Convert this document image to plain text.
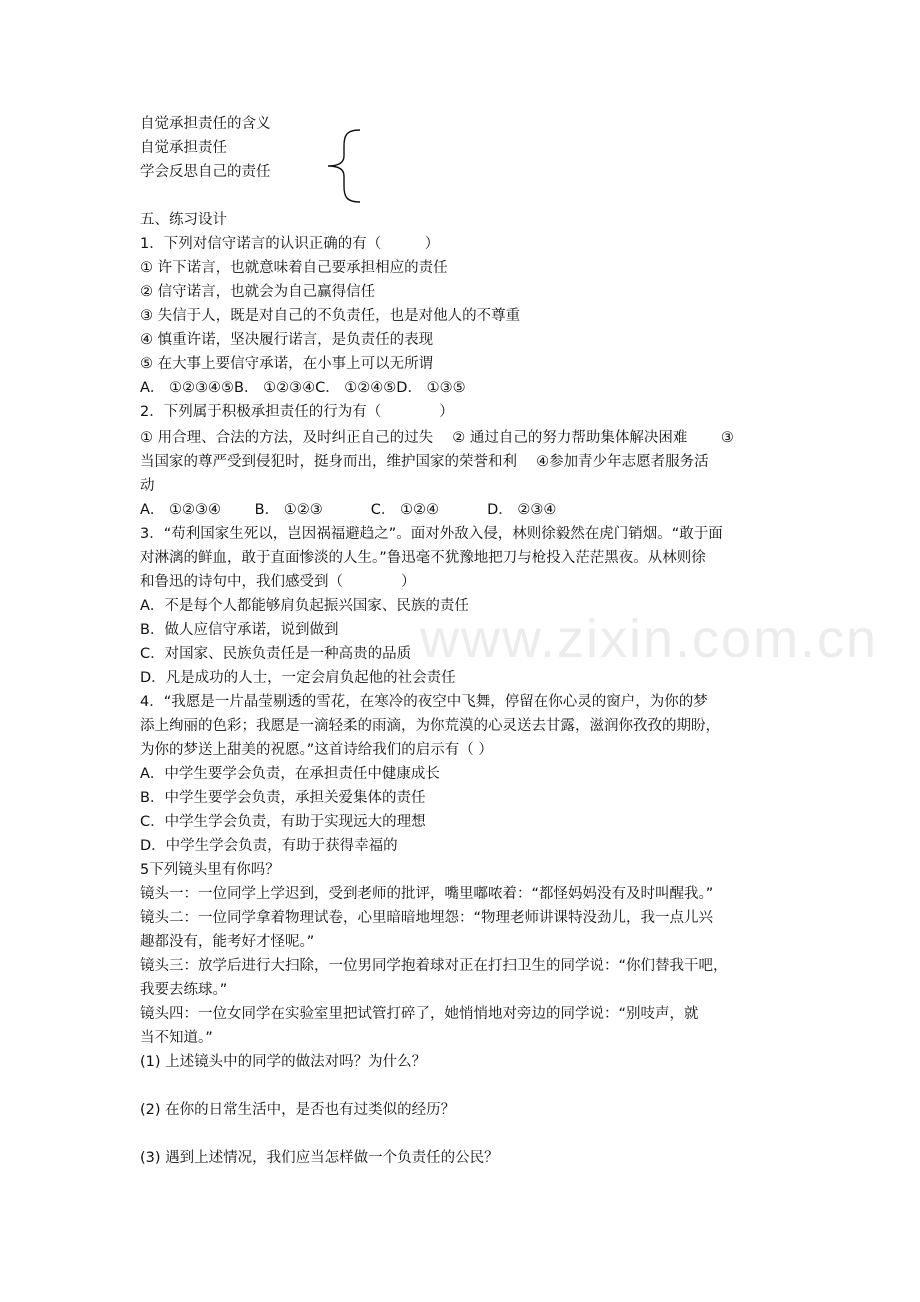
www.zixin.com.cn
自觉承担责任的含义
自觉承担责任
学会反思自己的责任
五、练习设计
1．下列对信守诺言的认识正确的有（　　　）
① 许下诺言，也就意味着自己要承担相应的责任
② 信守诺言，也就会为自己赢得信任
③ 失信于人，既是对自己的不负责任，也是对他人的不尊重
④ 慎重许诺，坚决履行诺言，是负责任的表现
⑤ 在大事上要信守承诺，在小事上可以无所谓
A． ①②③④⑤B． ①②③④C． ①②④⑤D． ①③⑤
2．下列属于积极承担责任的行为有（　　　　）
① 用合理、合法的方法，及时纠正自己的过失　 ② 通过自己的努力帮助集体解决困难　　 ③
当国家的尊严受到侵犯时，挺身而出，维护国家的荣誉和利　 ④参加青少年志愿者服务活
动
A． ①②③④　　 B． ①②③　　　 C． ①②④　　　 D． ②③④
3．“苟利国家生死以，岂因祸福避趋之”。面对外敌入侵，林则徐毅然在虎门销烟。“敢于面
对淋漓的鲜血，敢于直面惨淡的人生。”鲁迅毫不犹豫地把刀与枪投入茫茫黑夜。从林则徐
和鲁迅的诗句中，我们感受到（　　　　）
A．不是每个人都能够肩负起振兴国家、民族的责任
B．做人应信守承诺，说到做到
C．对国家、民族负责任是一种高贵的品质
D．凡是成功的人士，一定会肩负起他的社会责任
4．“我愿是一片晶莹剔透的雪花，在寒冷的夜空中飞舞，停留在你心灵的窗户，为你的梦
添上绚丽的色彩；我愿是一滴轻柔的雨滴，为你荒漠的心灵送去甘露，滋润你孜孜的期盼，
为你的梦送上甜美的祝愿。”这首诗给我们的启示有（ ）
A．中学生要学会负责，在承担责任中健康成长
B．中学生要学会负责，承担关爱集体的责任
C．中学生学会负责，有助于实现远大的理想
D．中学生学会负责，有助于获得幸福的
5下列镜头里有你吗？
镜头一：一位同学上学迟到，受到老师的批评，嘴里嘟哝着：“都怪妈妈没有及时叫醒我。”
镜头二：一位同学拿着物理试卷，心里暗暗地埋怨：“物理老师讲课特没劲儿，我一点儿兴
趣都没有，能考好才怪呢。”
镜头三：放学后进行大扫除，一位男同学抱着球对正在打扫卫生的同学说：“你们替我干吧，
我要去练球。”
镜头四：一位女同学在实验室里把试管打碎了，她悄悄地对旁边的同学说：“别吱声，就
当不知道。”
(1) 上述镜头中的同学的做法对吗？为什么？
(2) 在你的日常生活中，是否也有过类似的经历？
(3) 遇到上述情况，我们应当怎样做一个负责任的公民？
